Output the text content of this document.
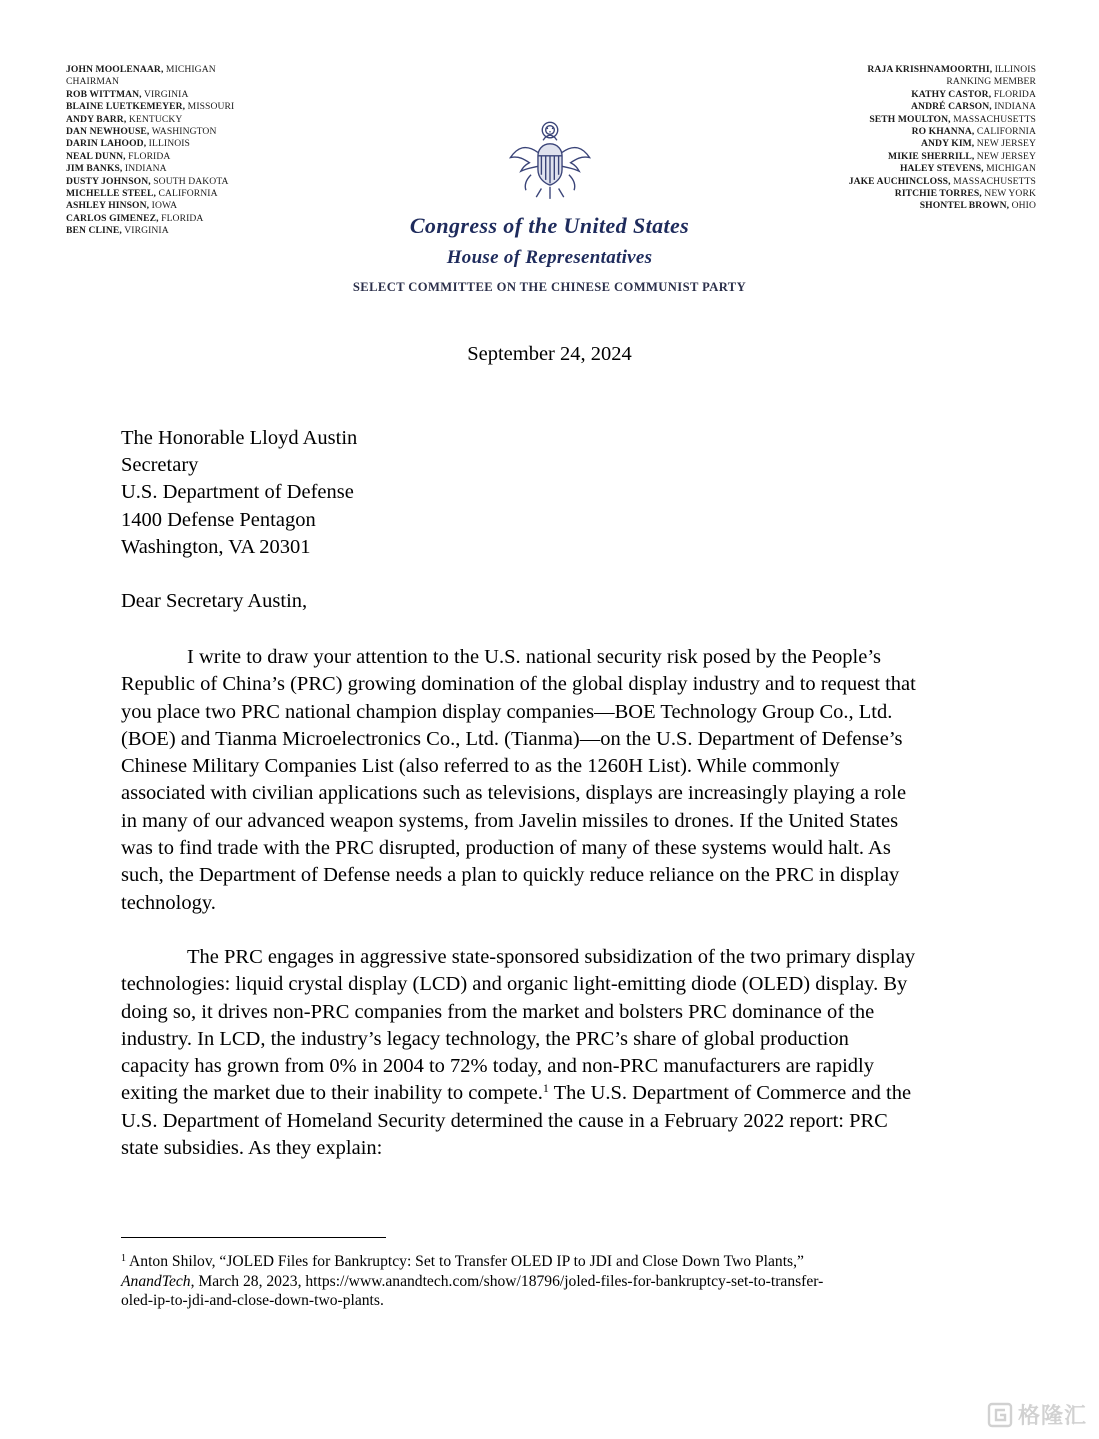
JOHN MOOLENAAR, MICHIGAN
CHAIRMAN
ROB WITTMAN, VIRGINIA
BLAINE LUETKEMEYER, MISSOURI
ANDY BARR, KENTUCKY
DAN NEWHOUSE, WASHINGTON
DARIN LAHOOD, ILLINOIS
NEAL DUNN, FLORIDA
JIM BANKS, INDIANA
DUSTY JOHNSON, SOUTH DAKOTA
MICHELLE STEEL, CALIFORNIA
ASHLEY HINSON, IOWA
CARLOS GIMENEZ, FLORIDA
BEN CLINE, VIRGINIA
RAJA KRISHNAMOORTHI, ILLINOIS
RANKING MEMBER
KATHY CASTOR, FLORIDA
ANDRÉ CARSON, INDIANA
SETH MOULTON, MASSACHUSETTS
RO KHANNA, CALIFORNIA
ANDY KIM, NEW JERSEY
MIKIE SHERRILL, NEW JERSEY
HALEY STEVENS, MICHIGAN
JAKE AUCHINCLOSS, MASSACHUSETTS
RITCHIE TORRES, NEW YORK
SHONTEL BROWN, OHIO
Congress of the United States
House of Representatives
SELECT COMMITTEE ON THE CHINESE COMMUNIST PARTY
September 24, 2024
The Honorable Lloyd Austin
Secretary
U.S. Department of Defense
1400 Defense Pentagon
Washington, VA 20301
Dear Secretary Austin,
I write to draw your attention to the U.S. national security risk posed by the People’s
Republic of China’s (PRC) growing domination of the global display industry and to request that
you place two PRC national champion display companies—BOE Technology Group Co., Ltd.
(BOE) and Tianma Microelectronics Co., Ltd. (Tianma)—on the U.S. Department of Defense’s
Chinese Military Companies List (also referred to as the 1260H List). While commonly
associated with civilian applications such as televisions, displays are increasingly playing a role
in many of our advanced weapon systems, from Javelin missiles to drones. If the United States
was to find trade with the PRC disrupted, production of many of these systems would halt. As
such, the Department of Defense needs a plan to quickly reduce reliance on the PRC in display
technology.
The PRC engages in aggressive state-sponsored subsidization of the two primary display
technologies: liquid crystal display (LCD) and organic light-emitting diode (OLED) display. By
doing so, it drives non-PRC companies from the market and bolsters PRC dominance of the
industry. In LCD, the industry’s legacy technology, the PRC’s share of global production
capacity has grown from 0% in 2004 to 72% today, and non-PRC manufacturers are rapidly
exiting the market due to their inability to compete.$^1$ The U.S. Department of Commerce and the
U.S. Department of Homeland Security determined the cause in a February 2022 report: PRC
state subsidies. As they explain:
$^1$ Anton Shilov, “JOLED Files for Bankruptcy: Set to Transfer OLED IP to JDI and Close Down Two Plants,”
AnandTech, March 28, 2023, https://www.anandtech.com/show/18796/joled-files-for-bankruptcy-set-to-transfer-
oled-ip-to-jdi-and-close-down-two-plants.
格隆汇
